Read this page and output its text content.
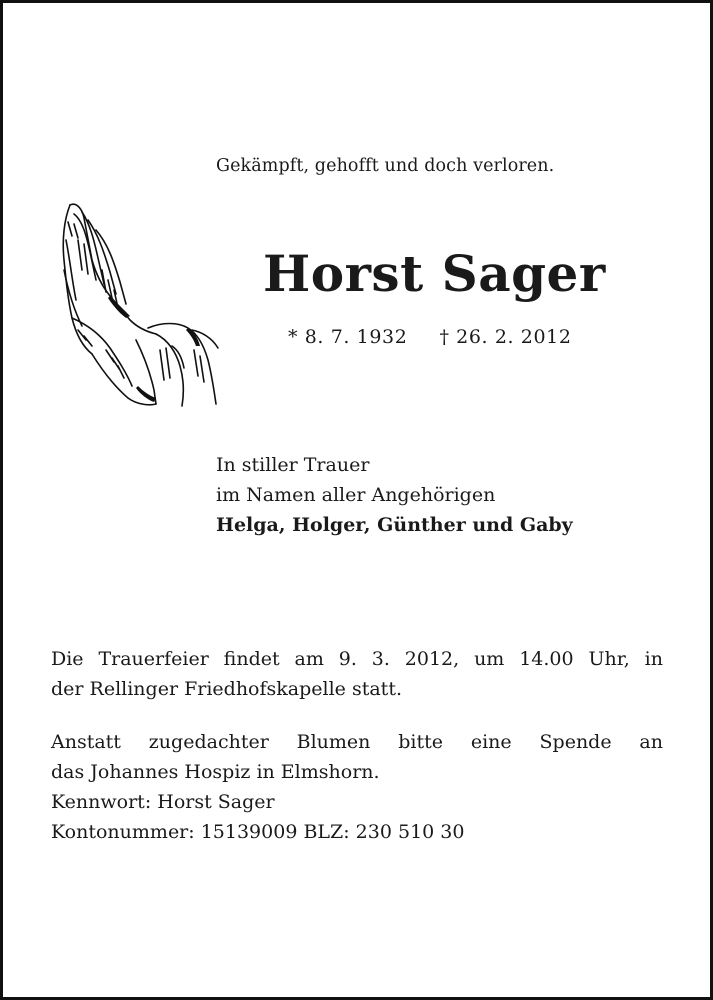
Gekämpft, gehofft und doch verloren.
Horst Sager
* 8. 7. 1932 † 26. 2. 2012
In stiller Trauer
im Namen aller Angehörigen
Helga, Holger, Günther und Gaby

Die Trauerfeier findet am 9. 3. 2012, um 14.00 Uhr, in

der Rellinger Friedhofskapelle statt.

Anstatt zugedachter Blumen bitte eine Spende an

das Johannes Hospiz in Elmshorn.

Kennwort: Horst Sager

Kontonummer: 15139009 BLZ: 230 510 30
